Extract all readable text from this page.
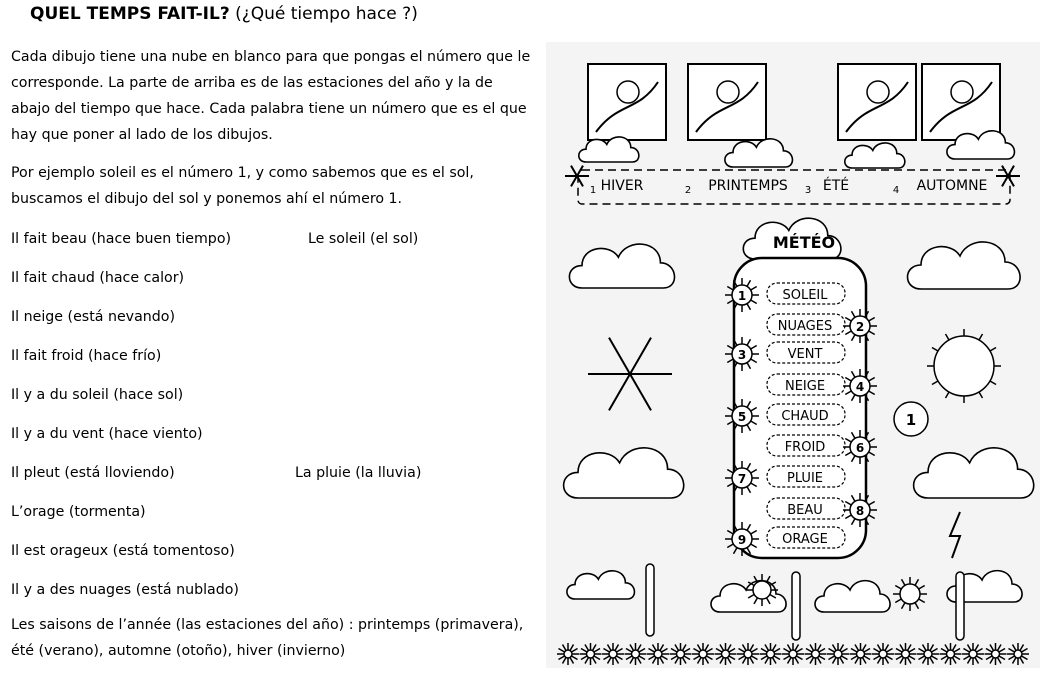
QUEL TEMPS FAIT-IL? (¿Qué tiempo hace ?)

Cada dibujo tiene una nube en blanco para que pongas el número que le corresponde. La parte de arriba es de las estaciones del año y la de abajo del tiempo que hace. Cada palabra tiene un número que es el que hay que poner al lado de los dibujos.

Por ejemplo soleil es el número 1, y como sabemos que es el sol, buscamos el dibujo del sol y ponemos ahí el número 1.

Il fait beau (hace buen tiempo)	Le soleil (el sol)
Il fait chaud (hace calor)
Il neige (está nevando)
Il fait froid (hace frío)
Il y a du soleil (hace sol)
Il y a du vent (hace viento)
Il pleut (está lloviendo)	La pluie (la lluvia)
L’orage (tormenta)
Il est orageux (está tomentoso)
Il y a des nuages (está nublado)
Les saisons de l’année (las estaciones del año) : printemps (primavera), été (verano), automne (otoño), hiver (invierno)
1 HIVER	2 PRINTEMPS 3 ÉTÉ	4 AUTOMNE
MÉTÉO
SOLEIL
1
NUAGES 2
VENT
3
NEIGE	4
CHAUD
5
FROID	6
PLUIE
7
BEAU	8
ORAGE
9
1
